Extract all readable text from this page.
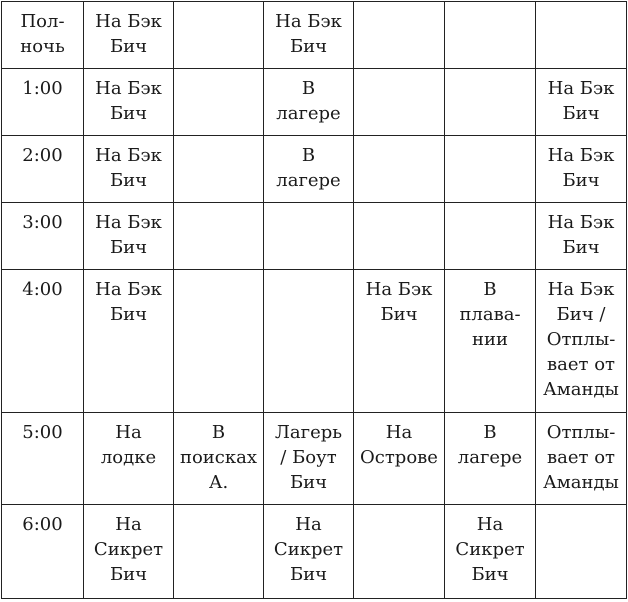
Пол-
ночь	На Бэк
Бич		На Бэк
Бич			

1:00	На Бэк
Бич		В
лагере			На Бэк
Бич

2:00	На Бэк
Бич		В
лагере			На Бэк
Бич

3:00	На Бэк
Бич					На Бэк
Бич

4:00	На Бэк
Бич			На Бэк
Бич	В
плава-
нии	На Бэк
Бич /
Отплы-
вает от
Аманды

5:00	На
лодке	В
поисках
А.	Лагерь
/ Боут
Бич	На
Острове	В
лагере	Отплы-
вает от
Аманды

6:00	На
Сикрет
Бич		На
Сикрет
Бич		На
Сикрет
Бич	
